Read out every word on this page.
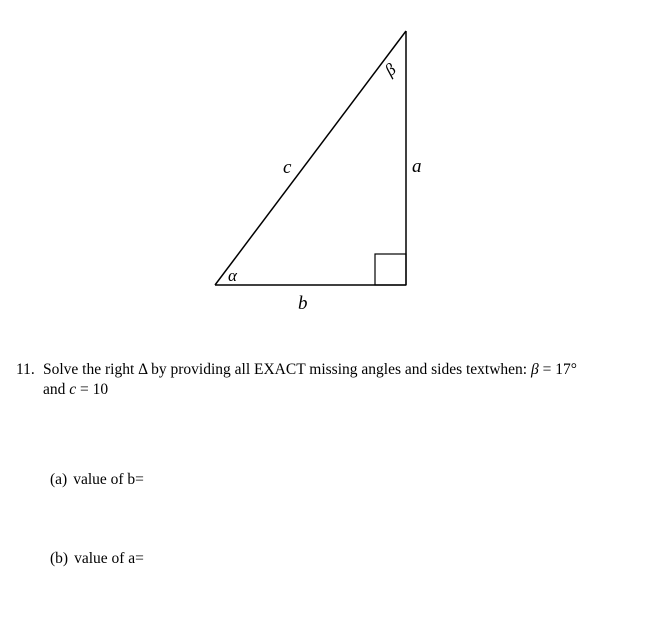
c	a
b
β
α
11. Solve the right Δ by providing all EXACT missing angles and sides textwhen: β = 17°
and c = 10
(a) value of b=
(b) value of a=
